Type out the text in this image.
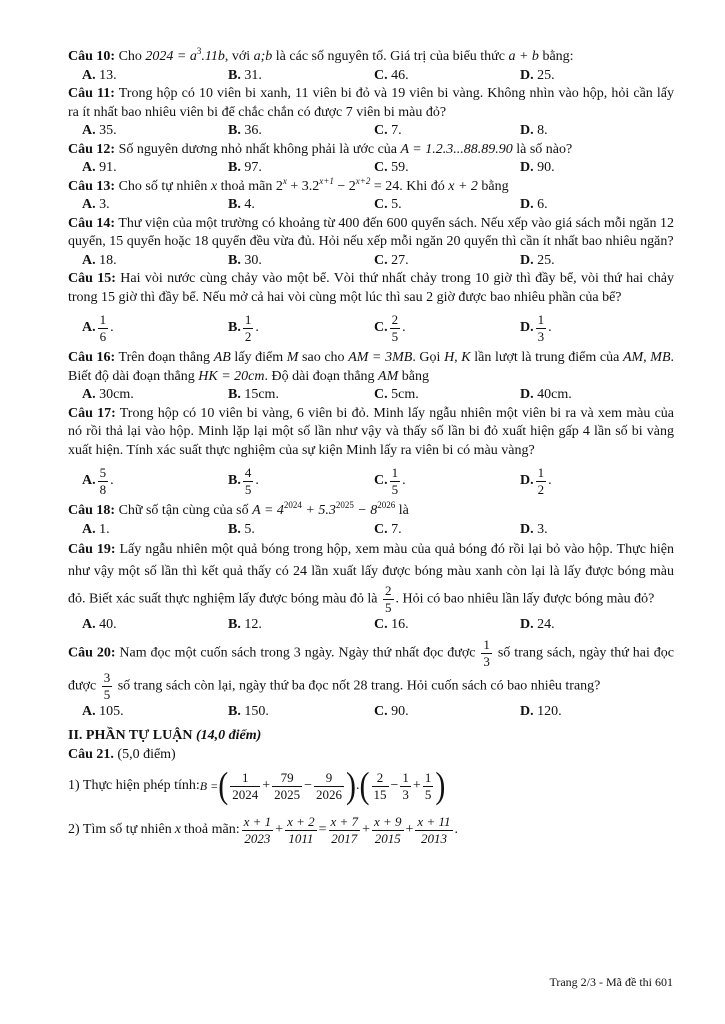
Câu 10: Cho $2024 = a^3.11b$, với a;b là các số nguyên tố. Giá trị của biểu thức a + b bằng:

A. 13.	B. 31.	C. 46.	D. 25.

Câu 11: Trong hộp có 10 viên bi xanh, 11 viên bi đỏ và 19 viên bi vàng. Không nhìn vào hộp, hỏi cần lấy ra ít nhất bao nhiêu viên bi để chắc chắn có được 7 viên bi màu đỏ?

A. 35.	B. 36.	C. 7.	D. 8.

Câu 12: Số nguyên dương nhỏ nhất không phải là ước của A = 1.2.3...88.89.90 là số nào?

A. 91.	B. 97.	C. 59.	D. 90.

Câu 13: Cho số tự nhiên x thoả mãn $2^x + 3.2^{x+1} - 2^{x+2} = 24$. Khi đó x + 2 bằng

A. 3.	B. 4.	C. 5.	D. 6.

Câu 14: Thư viện của một trường có khoảng từ 400 đến 600 quyển sách. Nếu xếp vào giá sách mỗi ngăn 12 quyển, 15 quyển hoặc 18 quyển đều vừa đủ. Hỏi nếu xếp mỗi ngăn 20 quyển thì cần ít nhất bao nhiêu ngăn?

A. 18.	B. 30.	C. 27.	D. 25.

Câu 15: Hai vòi nước cùng chảy vào một bể. Vòi thứ nhất chảy trong 10 giờ thì đầy bể, vòi thứ hai chảy trong 15 giờ thì đầy bể. Nếu mở cả hai vòi cùng một lúc thì sau 2 giờ được bao nhiêu phần của bể?

A. $\frac{1}{6}$ .	B. $\frac{1}{2}$ .	C. $\frac{2}{5}$ .	D. $\frac{1}{3}$ .

Câu 16: Trên đoạn thẳng AB lấy điểm M sao cho AM = 3MB. Gọi H, K lần lượt là trung điểm của AM, MB. Biết độ dài đoạn thẳng HK = 20cm. Độ dài đoạn thẳng AM bằng

A. 30cm.	B. 15cm.	C. 5cm.	D. 40cm.

Câu 17: Trong hộp có 10 viên bi vàng, 6 viên bi đỏ. Minh lấy ngẫu nhiên một viên bi ra và xem màu của nó rồi thả lại vào hộp. Minh lặp lại một số lần như vậy và thấy số lần bi đỏ xuất hiện gấp 4 lần số bi vàng xuất hiện. Tính xác suất thực nghiệm của sự kiện Minh lấy ra viên bi có màu vàng?

A. $\frac{5}{8}$ .	B. $\frac{4}{5}$ .	C. $\frac{1}{5}$ .	D. $\frac{1}{2}$ .

Câu 18: Chữ số tận cùng của số $A = 4^{2024} + 5.3^{2025} - 8^{2026}$ là

A. 1.	B. 5.	C. 7.	D. 3.

Câu 19: Lấy ngẫu nhiên một quả bóng trong hộp, xem màu của quả bóng đó rồi lại bỏ vào hộp. Thực hiện như vậy một số lần thì kết quả thấy có 24 lần xuất lấy được bóng màu xanh còn lại là lấy được bóng màu đỏ. Biết xác suất thực nghiệm lấy được bóng màu đỏ là $\frac{2}{5}$ . Hỏi có bao nhiêu lần lấy được bóng màu đỏ?

A. 40.	B. 12.	C. 16.	D. 24.

Câu 20: Nam đọc một cuốn sách trong 3 ngày. Ngày thứ nhất đọc được $\frac{1}{3}$ số trang sách, ngày thứ hai đọc được $\frac{3}{5}$ số trang sách còn lại, ngày thứ ba đọc nốt 28 trang. Hỏi cuốn sách có bao nhiêu trang?

A. 105.	B. 150.	C. 90.	D. 120.

II. PHẦN TỰ LUẬN (14,0 điểm)

Câu 21. (5,0 điểm)

1) Thực hiện phép tính: B = ( $\frac{1}{2024} + \frac{79}{2025} - \frac{9}{2026}$ ) . ( $\frac{2}{15} - \frac{1}{3} + \frac{1}{5}$ )
2) Tìm số tự nhiên x thoả mãn: $\frac{x + 1}{2023} + \frac{x + 2}{1011} = \frac{x + 7}{2017} + \frac{x + 9}{2015} + \frac{x + 11}{2013}$ .
Trang 2/3 - Mã đề thi 601
